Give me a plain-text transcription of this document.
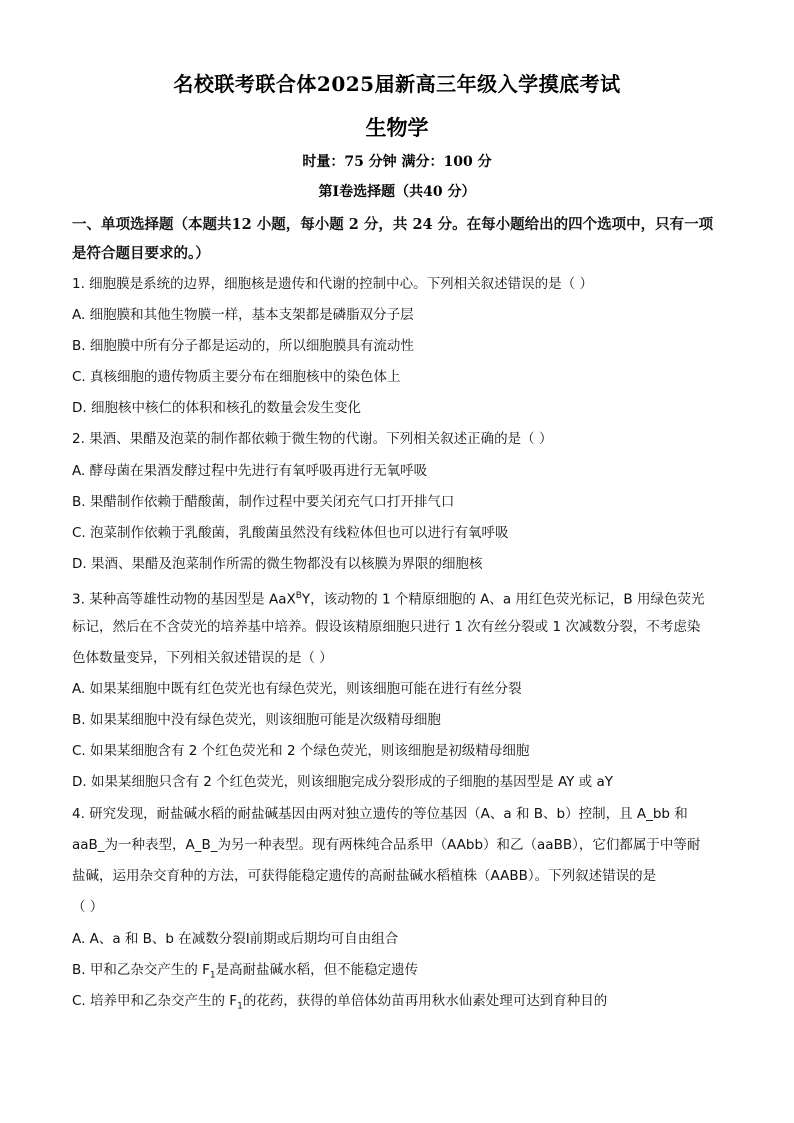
名校联考联合体2025届新高三年级入学摸底考试
生物学
时量：75 分钟 满分：100 分
第Ⅰ卷选择题（共40 分）
一、单项选择题（本题共12 小题，每小题 2 分，共 24 分。在每小题给出的四个选项中，只有一项是符合题目要求的。）
1. 细胞膜是系统的边界，细胞核是遗传和代谢的控制中心。下列相关叙述错误的是（ ）
A. 细胞膜和其他生物膜一样，基本支架都是磷脂双分子层
B. 细胞膜中所有分子都是运动的，所以细胞膜具有流动性
C. 真核细胞的遗传物质主要分布在细胞核中的染色体上
D. 细胞核中核仁的体积和核孔的数量会发生变化
2. 果酒、果醋及泡菜的制作都依赖于微生物的代谢。下列相关叙述正确的是（ ）
A. 酵母菌在果酒发酵过程中先进行有氧呼吸再进行无氧呼吸
B. 果醋制作依赖于醋酸菌，制作过程中要关闭充气口打开排气口
C. 泡菜制作依赖于乳酸菌，乳酸菌虽然没有线粒体但也可以进行有氧呼吸
D. 果酒、果醋及泡菜制作所需的微生物都没有以核膜为界限的细胞核
3. 某种高等雄性动物的基因型是 AaX$^B$Y，该动物的 1 个精原细胞的 A、a 用红色荧光标记，B 用绿色荧光
标记，然后在不含荧光的培养基中培养。假设该精原细胞只进行 1 次有丝分裂或 1 次减数分裂，不考虑染
色体数量变异，下列相关叙述错误的是（ ）
A. 如果某细胞中既有红色荧光也有绿色荧光，则该细胞可能在进行有丝分裂
B. 如果某细胞中没有绿色荧光，则该细胞可能是次级精母细胞
C. 如果某细胞含有 2 个红色荧光和 2 个绿色荧光，则该细胞是初级精母细胞
D. 如果某细胞只含有 2 个红色荧光，则该细胞完成分裂形成的子细胞的基因型是 AY 或 aY
4. 研究发现，耐盐碱水稻的耐盐碱基因由两对独立遗传的等位基因（A、a 和 B、b）控制，且 A_bb 和
aaB_为一种表型，A_B_为另一种表型。现有两株纯合品系甲（AAbb）和乙（aaBB），它们都属于中等耐
盐碱，运用杂交育种的方法，可获得能稳定遗传的高耐盐碱水稻植株（AABB）。下列叙述错误的是
（ ）
A. A、a 和 B、b 在减数分裂Ⅰ前期或后期均可自由组合
B. 甲和乙杂交产生的 $F_1$是高耐盐碱水稻，但不能稳定遗传
C. 培养甲和乙杂交产生的 $F_1$的花药，获得的单倍体幼苗再用秋水仙素处理可达到育种目的
